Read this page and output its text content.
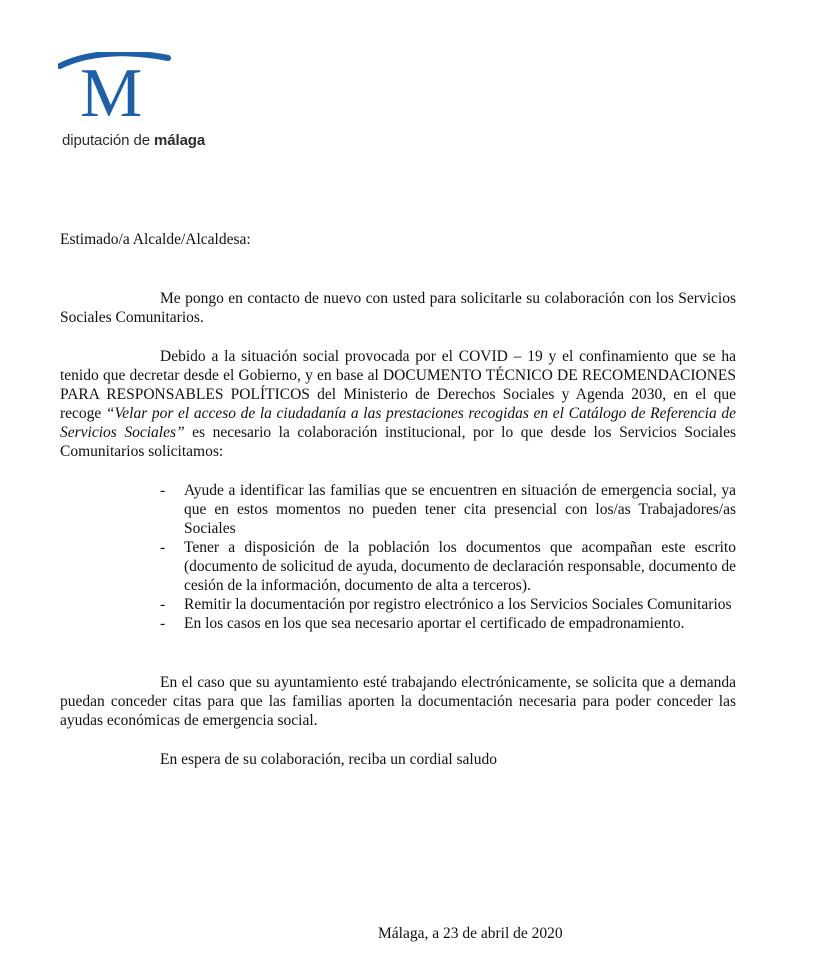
M
diputación de málaga
Estimado/a Alcalde/Alcaldesa:
Me pongo en contacto de nuevo con usted para solicitarle su colaboración con los Servicios Sociales Comunitarios.
Debido a la situación social provocada por el COVID – 19 y el confinamiento que se ha tenido que decretar desde el Gobierno, y en base al DOCUMENTO TÉCNICO DE RECOMENDACIONES PARA RESPONSABLES POLÍTICOS del Ministerio de Derechos Sociales y Agenda 2030, en el que recoge “Velar por el acceso de la ciudadanía a las prestaciones recogidas en el Catálogo de Referencia de Servicios Sociales” es necesario la colaboración institucional, por lo que desde los Servicios Sociales Comunitarios solicitamos:
- Ayude a identificar las familias que se encuentren en situación de emergencia social, ya que en estos momentos no pueden tener cita presencial con los/as Trabajadores/as Sociales
- Tener a disposición de la población los documentos que acompañan este escrito (documento de solicitud de ayuda, documento de declaración responsable, documento de cesión de la información, documento de alta a terceros).
- Remitir la documentación por registro electrónico a los Servicios Sociales Comunitarios
- En los casos en los que sea necesario aportar el certificado de empadronamiento.
En el caso que su ayuntamiento esté trabajando electrónicamente, se solicita que a demanda puedan conceder citas para que las familias aporten la documentación necesaria para poder conceder las ayudas económicas de emergencia social.
En espera de su colaboración, reciba un cordial saludo
Málaga, a 23 de abril de 2020
